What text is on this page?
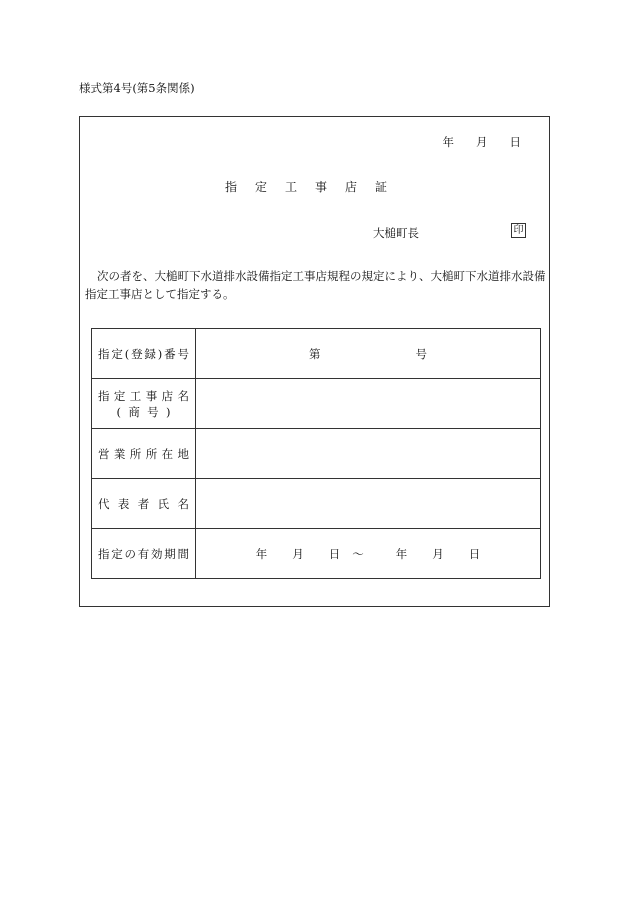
様式第4号(第5条関係)
年 月 日
指 定 工 事 店 証
大槌町長	印
次の者を、大槌町下水道排水設備指定工事店規程の規定により、大槌町下水道排水設備指定工事店として指定する。
指定(登録)番号	第 号

指定工事店名
(商号)	

営業所所在地	
代表者氏名	
指定の有効期間	年 月 日 〜 年 月 日
